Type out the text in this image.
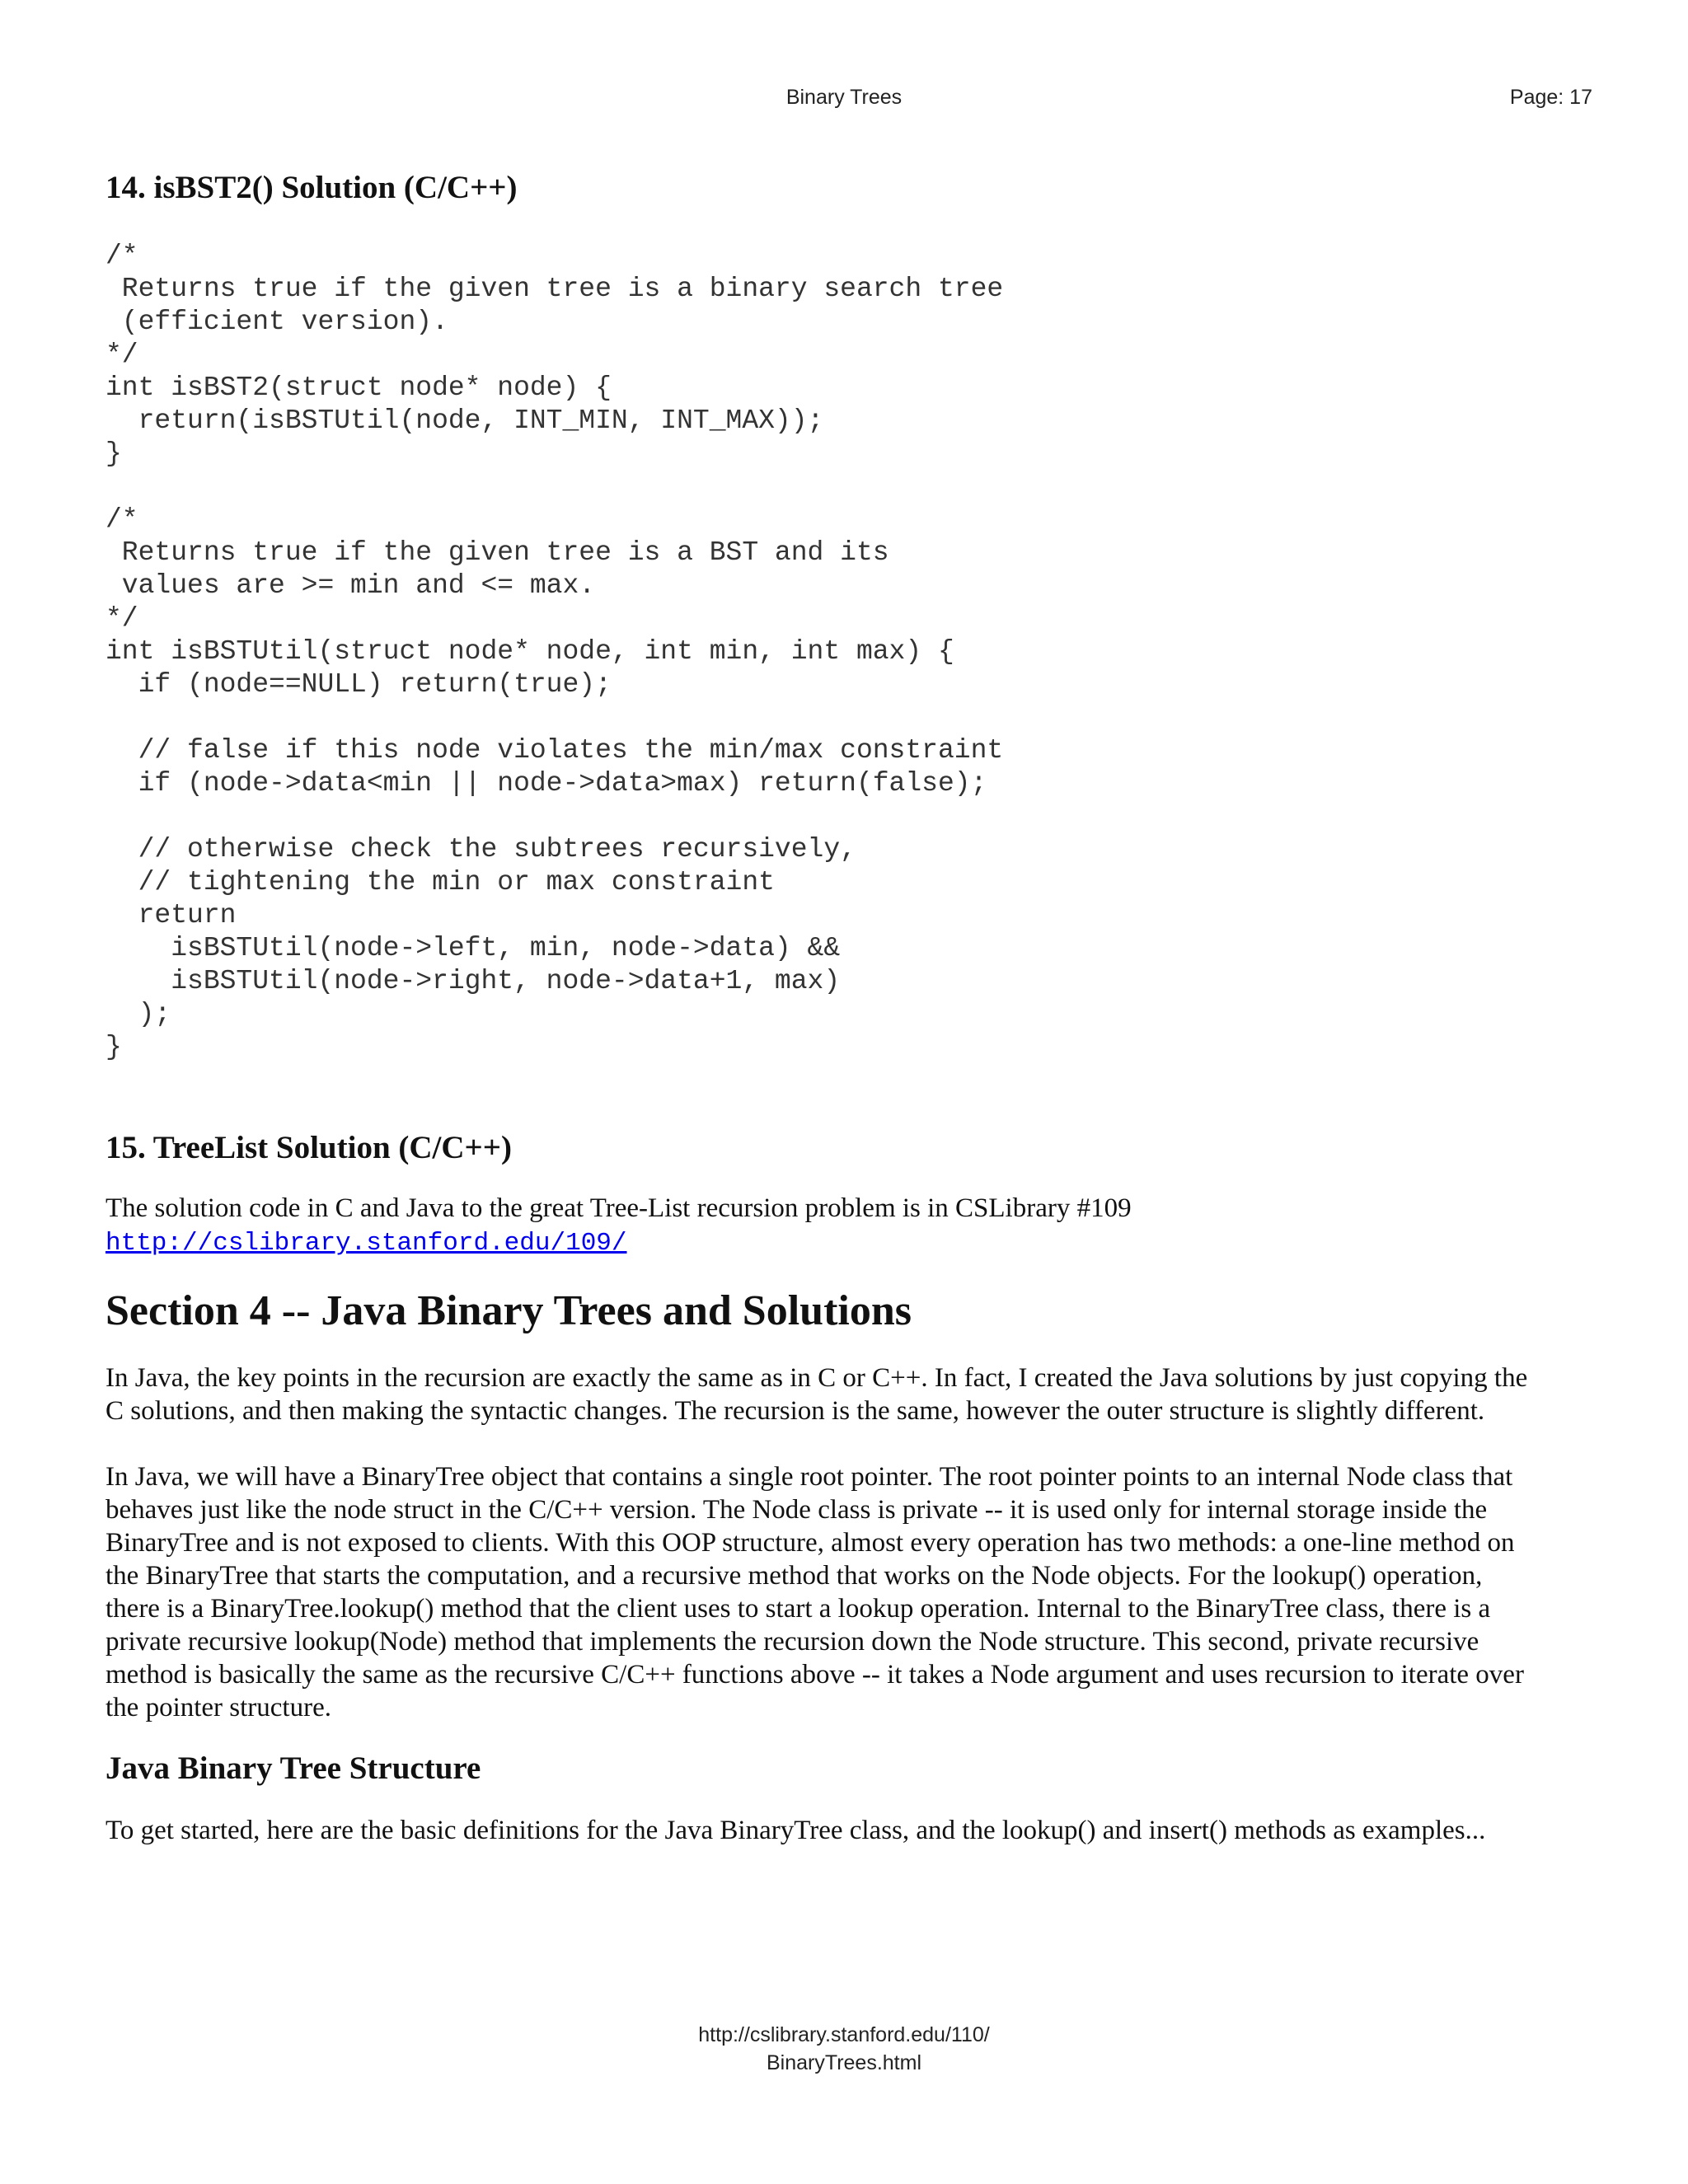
Binary Trees	Page: 17
14. isBST2() Solution (C/C++)
/*
Returns true if the given tree is a binary search tree
(efficient version).
*/
int isBST2(struct node* node) {
return(isBSTUtil(node, INT_MIN, INT_MAX));
}

/*
Returns true if the given tree is a BST and its
values are >= min and <= max.
*/
int isBSTUtil(struct node* node, int min, int max) {
if (node==NULL) return(true);

// false if this node violates the min/max constraint
if (node->data<min || node->data>max) return(false);

// otherwise check the subtrees recursively,
// tightening the min or max constraint
return
isBSTUtil(node->left, min, node->data) &&
isBSTUtil(node->right, node->data+1, max)
);
}
15. TreeList Solution (C/C++)

The solution code in C and Java to the great Tree-List recursion problem is in CSLibrary #109
http://cslibrary.stanford.edu/109/

Section 4 -- Java Binary Trees and Solutions

In Java, the key points in the recursion are exactly the same as in C or C++. In fact, I created the Java solutions by just copying the C solutions, and then making the syntactic changes. The recursion is the same, however the outer structure is slightly different.

In Java, we will have a BinaryTree object that contains a single root pointer. The root pointer points to an internal Node class that behaves just like the node struct in the C/C++ version. The Node class is private -- it is used only for internal storage inside the BinaryTree and is not exposed to clients. With this OOP structure, almost every operation has two methods: a one-line method on the BinaryTree that starts the computation, and a recursive method that works on the Node objects. For the lookup() operation, there is a BinaryTree.lookup() method that the client uses to start a lookup operation. Internal to the BinaryTree class, there is a private recursive lookup(Node) method that implements the recursion down the Node structure. This second, private recursive method is basically the same as the recursive C/C++ functions above -- it takes a Node argument and uses recursion to iterate over the pointer structure.

Java Binary Tree Structure

To get started, here are the basic definitions for the Java BinaryTree class, and the lookup() and insert() methods as examples...

http://cslibrary.stanford.edu/110/
BinaryTrees.html
